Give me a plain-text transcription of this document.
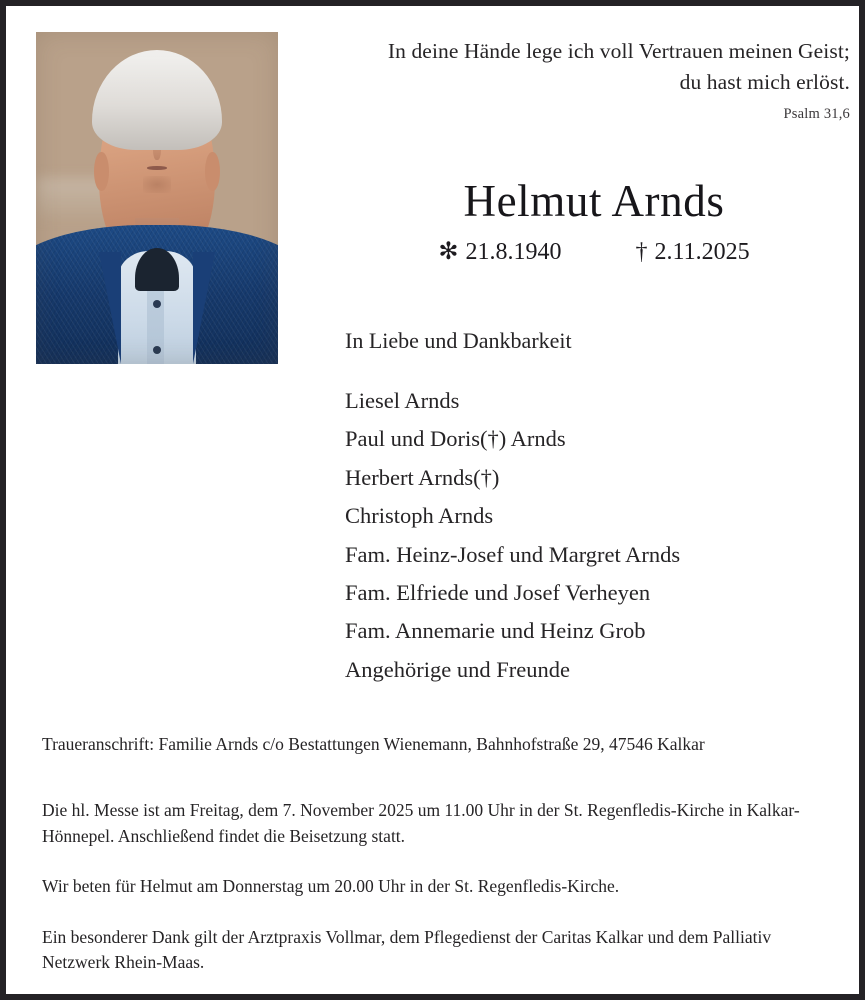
In deine Hände lege ich voll Vertrauen meinen Geist;
du hast mich erlöst.
Psalm 31,6
Helmut Arnds
✻ 21.8.1940	† 2.11.2025
In Liebe und Dankbarkeit
Liesel Arnds
Paul und Doris(†) Arnds
Herbert Arnds(†)
Christoph Arnds
Fam. Heinz-Josef und Margret Arnds
Fam. Elfriede und Josef Verheyen
Fam. Annemarie und Heinz Grob
Angehörige und Freunde
Traueranschrift: Familie Arnds c/o Bestattungen Wienemann, Bahnhofstraße 29, 47546 Kalkar

Die hl. Messe ist am Freitag, dem 7. November 2025 um 11.00 Uhr in der St. Regenfledis-Kirche in Kalkar-Hönnepel. Anschließend findet die Beisetzung statt.

Wir beten für Helmut am Donnerstag um 20.00 Uhr in der St. Regenfledis-Kirche.

Ein besonderer Dank gilt der Arztpraxis Vollmar, dem Pflegedienst der Caritas Kalkar und dem Palliativ Netzwerk Rhein-Maas.
